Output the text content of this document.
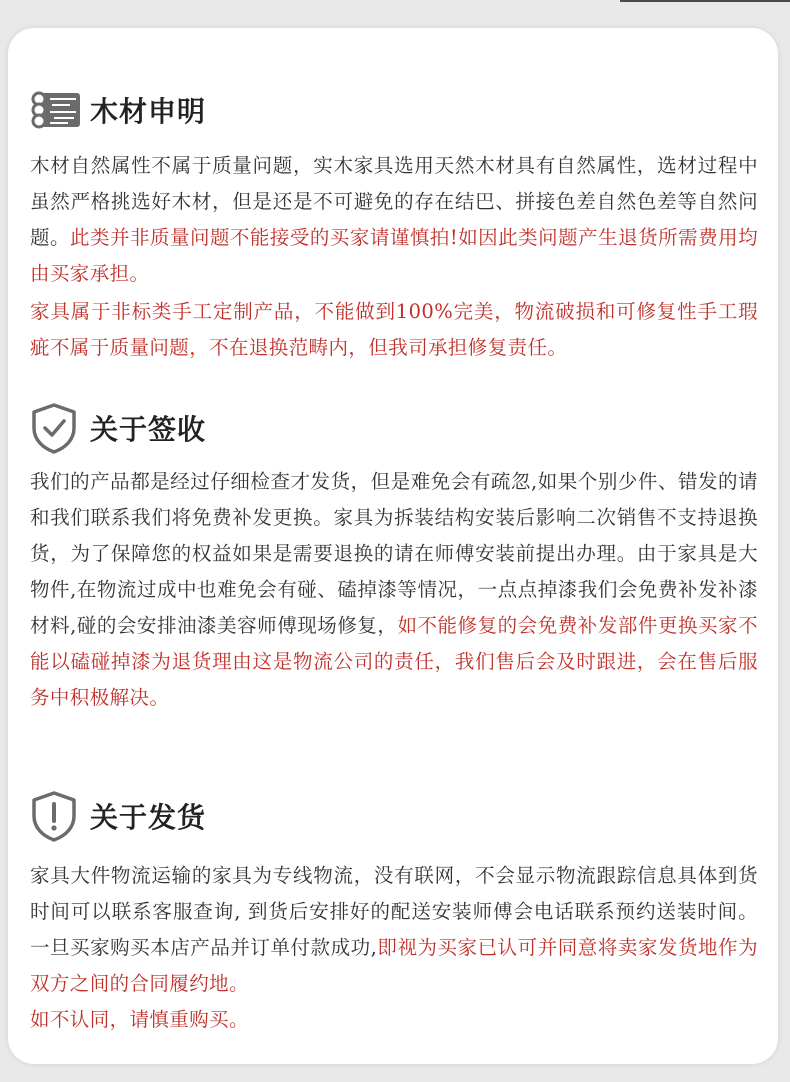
木材申明

木材自然属性不属于质量问题，实木家具选用天然木材具有自然属性，选材过程中虽然严格挑选好木材，但是还是不可避免的存在结巴、拼接色差自然色差等自然问题。此类并非质量问题不能接受的买家请谨慎拍!如因此类问题产生退货所需费用均由买家承担。

家具属于非标类手工定制产品，不能做到100%完美，物流破损和可修复性手工瑕疵不属于质量问题，不在退换范畴内，但我司承担修复责任。

关于签收

我们的产品都是经过仔细检查才发货，但是难免会有疏忽,如果个别少件、错发的请和我们联系我们将免费补发更换。家具为拆装结构安装后影响二次销售不支持退换货，为了保障您的权益如果是需要退换的请在师傅安装前提出办理。由于家具是大物件,在物流过成中也难免会有碰、磕掉漆等情况，一点点掉漆我们会免费补发补漆材料,碰的会安排油漆美容师傅现场修复，如不能修复的会免费补发部件更换买家不能以磕碰掉漆为退货理由这是物流公司的责任，我们售后会及时跟进，会在售后服务中积极解决。

关于发货

家具大件物流运输的家具为专线物流，没有联网，不会显示物流跟踪信息具体到货时间可以联系客服查询, 到货后安排好的配送安装师傅会电话联系预约送装时间。一旦买家购买本店产品并订单付款成功,即视为买家已认可并同意将卖家发货地作为双方之间的合同履约地。

如不认同，请慎重购买。
